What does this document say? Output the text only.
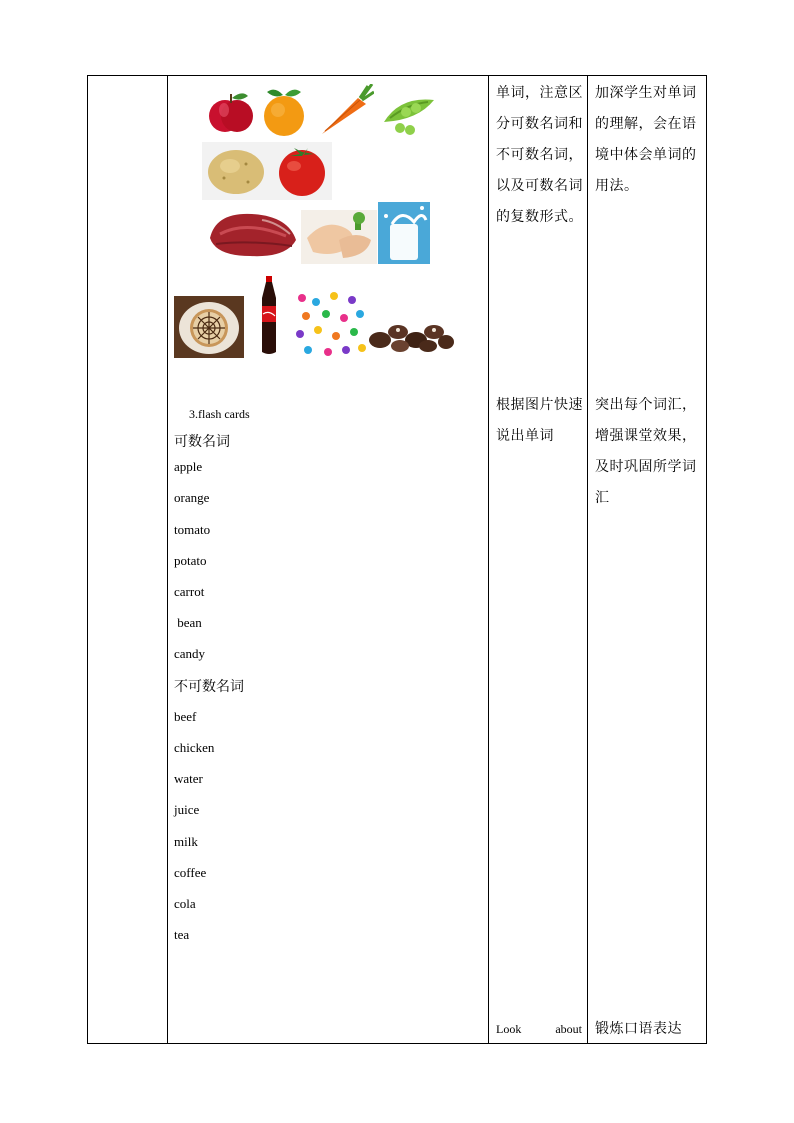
3.flash cards
可数名词
apple
orange
tomato
potato
carrot
bean
candy
不可数名词
beef
chicken
water
juice
milk
coffee
cola
tea
单词，注意区分可数名词和不可数名词，以及可数名词的复数形式。
根据图片快速说出单词
Look	about
加深学生对单词的理解，会在语境中体会单词的用法。
突出每个词汇，增强课堂效果，及时巩固所学词汇
锻炼口语表达
